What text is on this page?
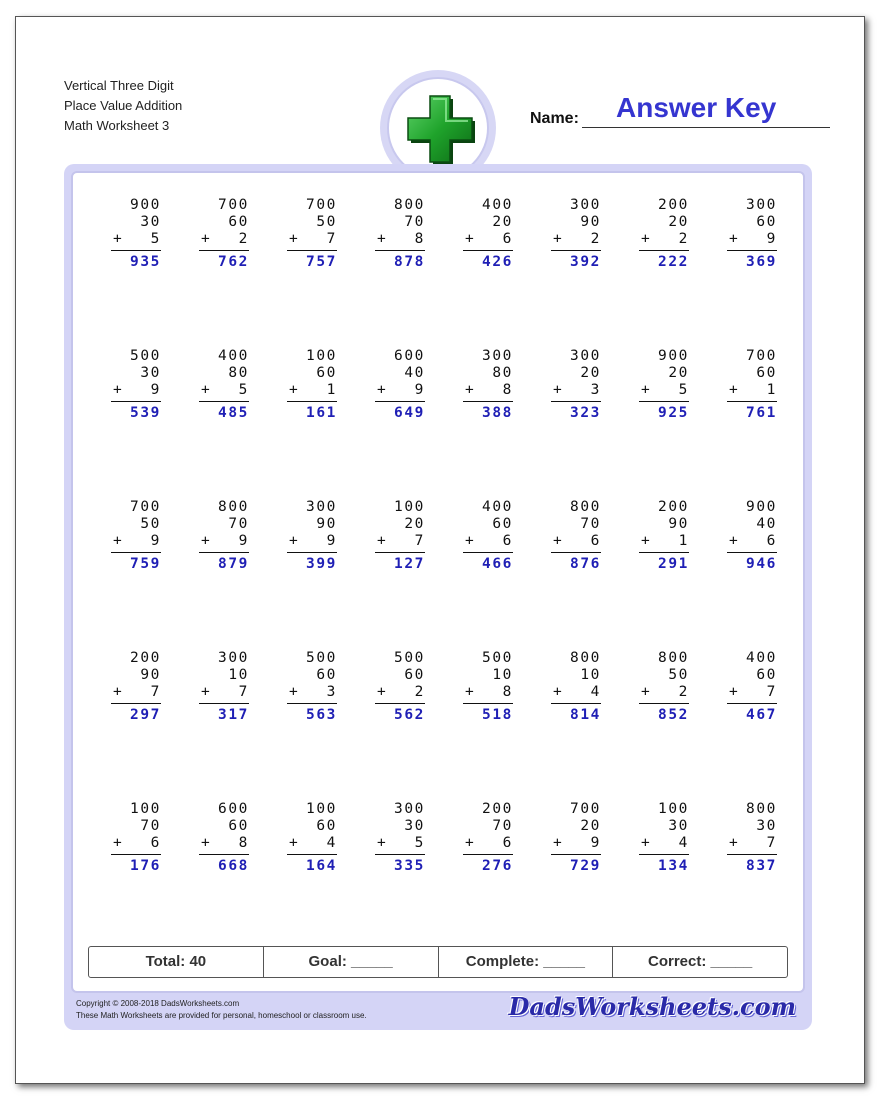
Vertical Three Digit
Place Value Addition
Math Worksheet 3	Name: Answer Key
900
30
+ 5
935
700
60
+ 2
762
700
50
+ 7
757
800
70
+ 8
878
400
20
+ 6
426
300
90
+ 2
392
200
20
+ 2
222
300
60
+ 9
369
500
30
+ 9
539
400
80
+ 5
485
100
60
+ 1
161
600
40
+ 9
649
300
80
+ 8
388
300
20
+ 3
323
900
20
+ 5
925
700
60
+ 1
761
700
50
+ 9
759
800
70
+ 9
879
300
90
+ 9
399
100
20
+ 7
127
400
60
+ 6
466
800
70
+ 6
876
200
90
+ 1
291
900
40
+ 6
946
200
90
+ 7
297
300
10
+ 7
317
500
60
+ 3
563
500
60
+ 2
562
500
10
+ 8
518
800
10
+ 4
814
800
50
+ 2
852
400
60
+ 7
467
100
70
+ 6
176
600
60
+ 8
668
100
60
+ 4
164
300
30
+ 5
335
200
70
+ 6
276
700
20
+ 9
729
100
30
+ 4
134
800
30
+ 7
837
Total: 40	Goal: _____	Complete: _____	Correct: _____
Copyright © 2008-2018 DadsWorksheets.com
These Math Worksheets are provided for personal, homeschool or classroom use.	DadsWorksheets.com
